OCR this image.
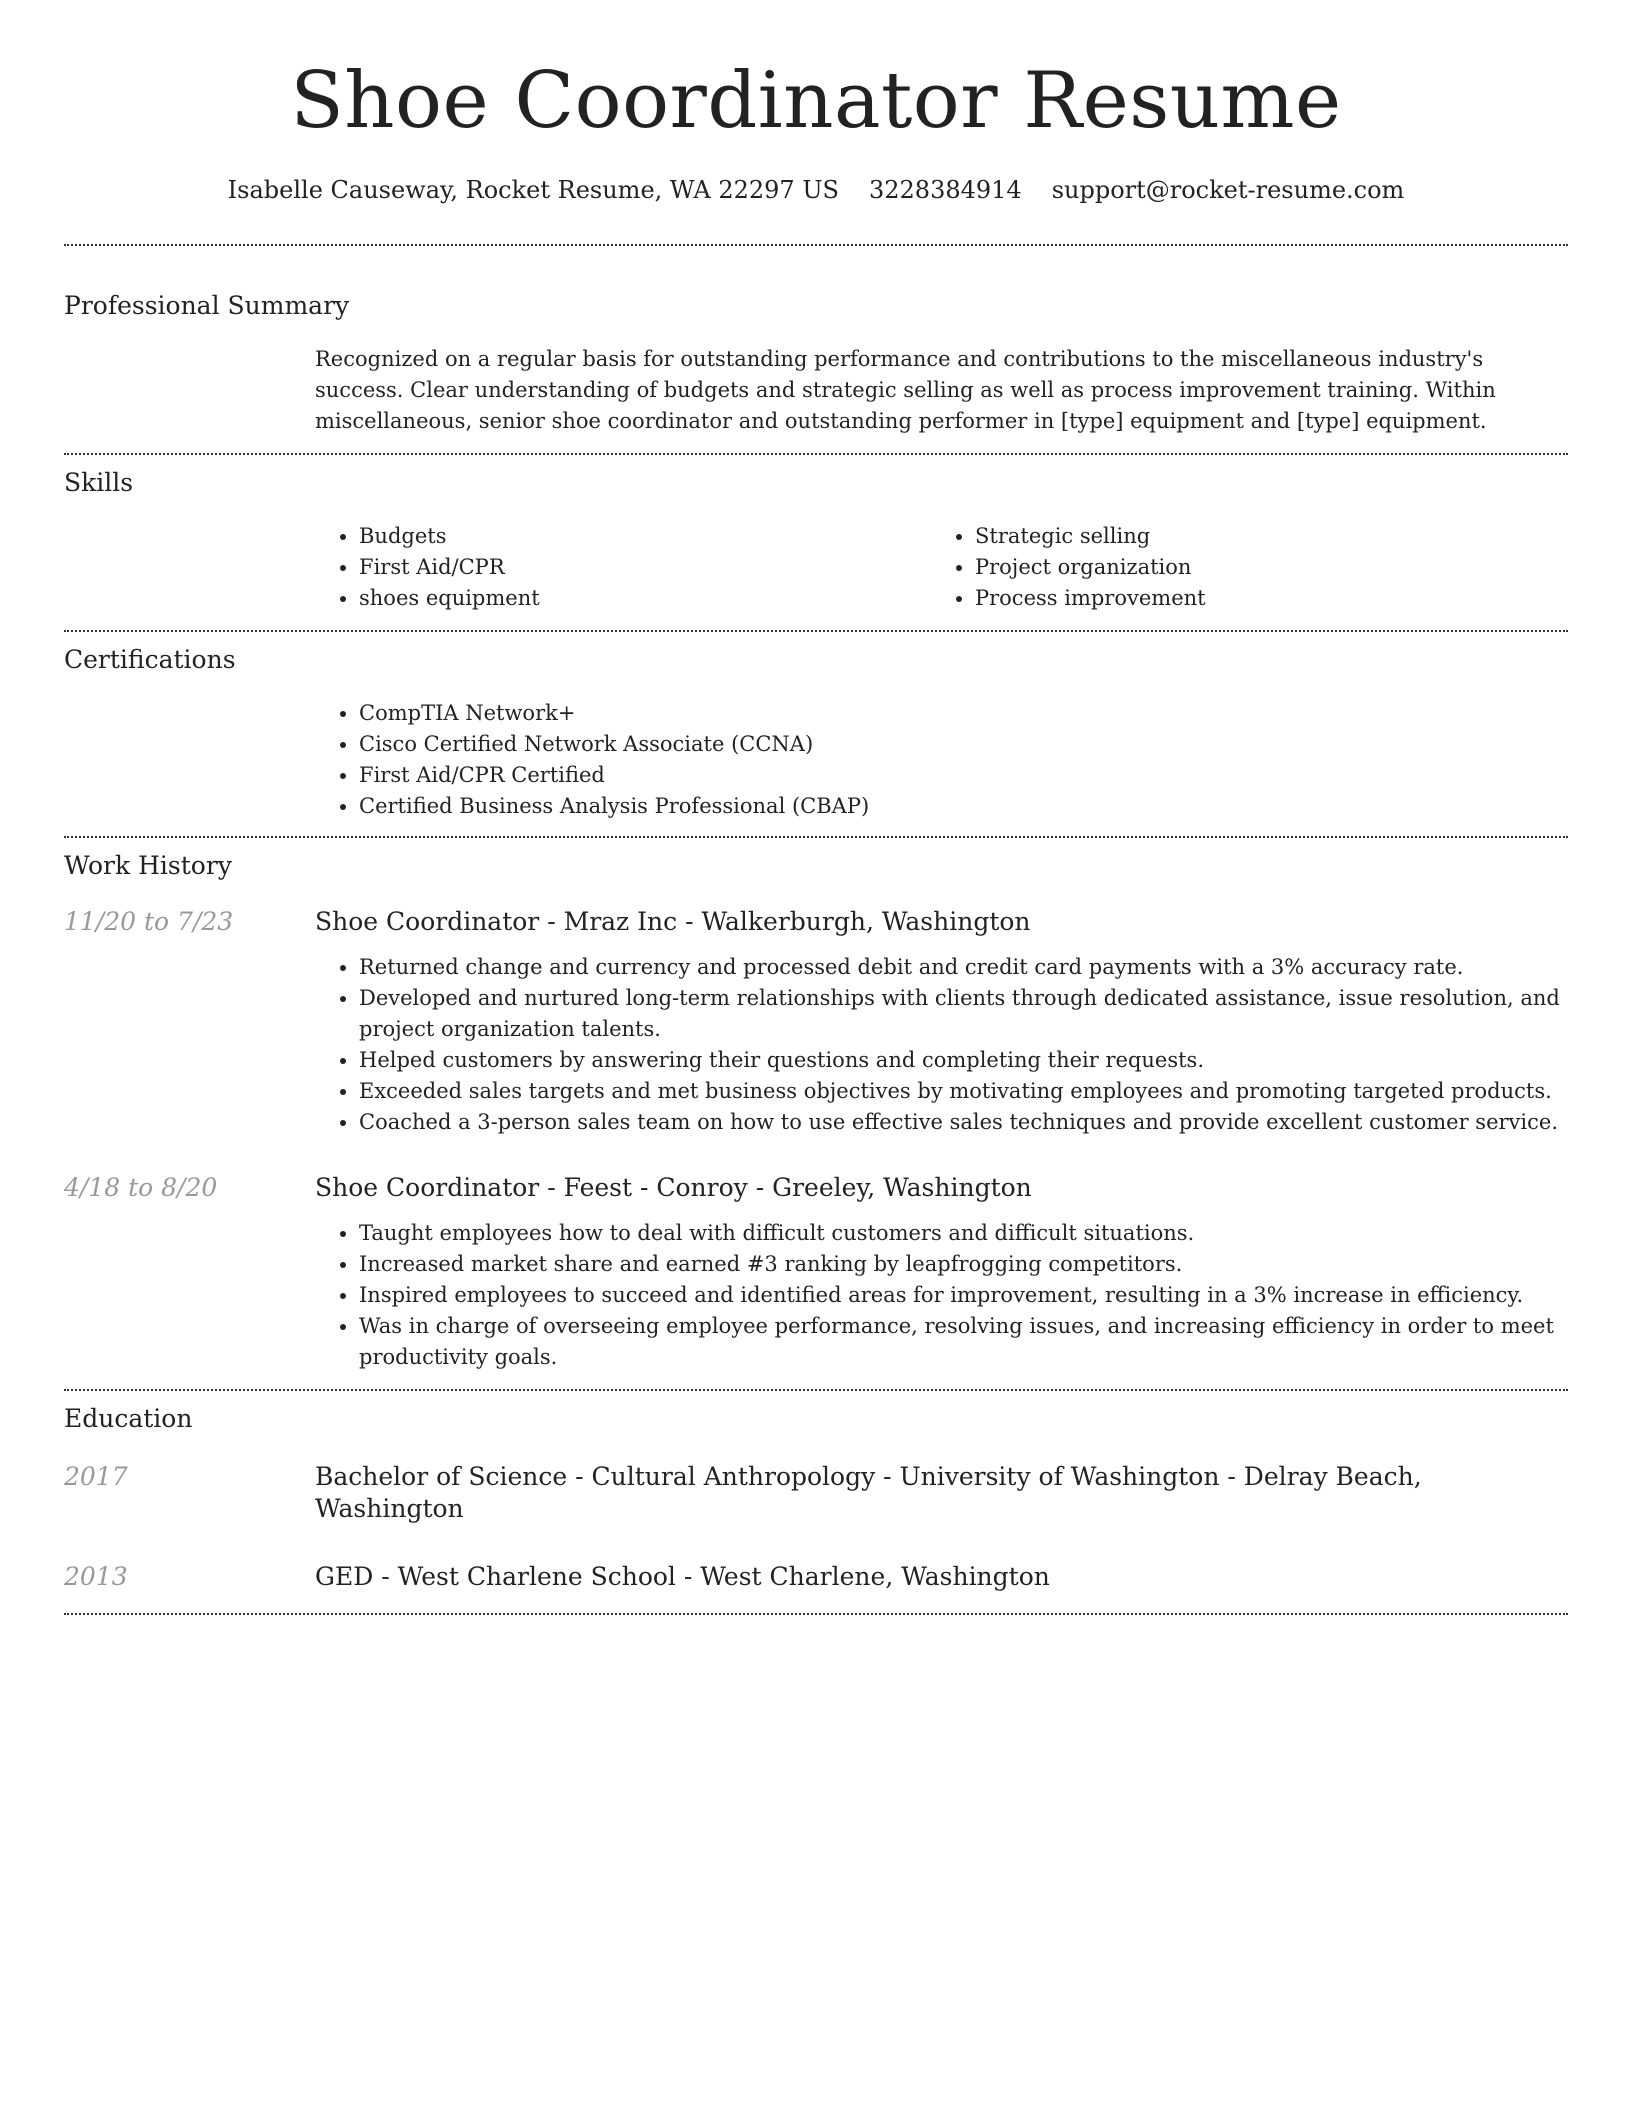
Shoe Coordinator Resume
Isabelle Causeway, Rocket Resume, WA 22297 US 3228384914 support@rocket-resume.com
Professional Summary

Recognized on a regular basis for outstanding performance and contributions to the miscellaneous industry's success. Clear understanding of budgets and strategic selling as well as process improvement training. Within miscellaneous, senior shoe coordinator and outstanding performer in [type] equipment and [type] equipment.

Skills
• Budgets
• First Aid/CPR
• shoes equipment
• Strategic selling
• Project organization
• Process improvement
Certifications
• CompTIA Network+
• Cisco Certified Network Associate (CCNA)
• First Aid/CPR Certified
• Certified Business Analysis Professional (CBAP)
Work History
11/20 to 7/23	Shoe Coordinator - Mraz Inc - Walkerburgh, Washington
• Returned change and currency and processed debit and credit card payments with a 3% accuracy rate.
• Developed and nurtured long-term relationships with clients through dedicated assistance, issue resolution, and project organization talents.
• Helped customers by answering their questions and completing their requests.
• Exceeded sales targets and met business objectives by motivating employees and promoting targeted products.
• Coached a 3-person sales team on how to use effective sales techniques and provide excellent customer service.
4/18 to 8/20	Shoe Coordinator - Feest - Conroy - Greeley, Washington
• Taught employees how to deal with difficult customers and difficult situations.
• Increased market share and earned #3 ranking by leapfrogging competitors.
• Inspired employees to succeed and identified areas for improvement, resulting in a 3% increase in efficiency.
• Was in charge of overseeing employee performance, resolving issues, and increasing efficiency in order to meet productivity goals.
Education
2017	Bachelor of Science - Cultural Anthropology - University of Washington - Delray Beach, Washington
2013	GED - West Charlene School - West Charlene, Washington
